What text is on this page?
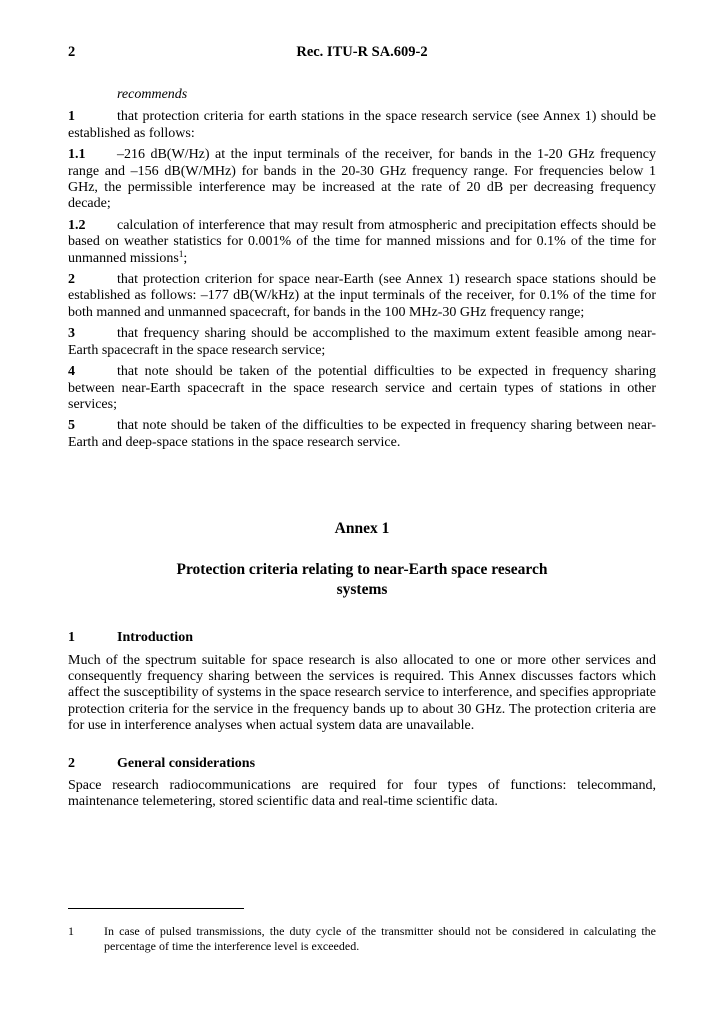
2	Rec. ITU-R SA.609-2

recommends

1	that protection criteria for earth stations in the space research service (see Annex 1) should be established as follows:

1.1 –216 dB(W/Hz) at the input terminals of the receiver, for bands in the 1-20 GHz frequency range and –156 dB(W/MHz) for bands in the 20-30 GHz frequency range. For frequencies below 1 GHz, the permissible interference may be increased at the rate of 20 dB per decreasing frequency decade;

1.2 calculation of interference that may result from atmospheric and precipitation effects should be based on weather statistics for 0.001% of the time for manned missions and for 0.1% of the time for unmanned missions$^1$;

2	that protection criterion for space near-Earth (see Annex 1) research space stations should be established as follows: –177 dB(W/kHz) at the input terminals of the receiver, for 0.1% of the time for both manned and unmanned spacecraft, for bands in the 100 MHz-30 GHz frequency range;

3	that frequency sharing should be accomplished to the maximum extent feasible among near-Earth spacecraft in the space research service;

4	that note should be taken of the potential difficulties to be expected in frequency sharing between near-Earth spacecraft in the space research service and certain types of stations in other services;

5	that note should be taken of the difficulties to be expected in frequency sharing between near-Earth and deep-space stations in the space research service.

Annex 1
Protection criteria relating to near-Earth space research systems
1	Introduction

Much of the spectrum suitable for space research is also allocated to one or more other services and consequently frequency sharing between the services is required. This Annex discusses factors which affect the susceptibility of systems in the space research service to interference, and specifies appropriate protection criteria for the service in the frequency bands up to about 30 GHz. The protection criteria are for use in interference analyses when actual system data are unavailable.

2	General considerations

Space research radiocommunications are required for four types of functions: telecommand, maintenance telemetering, stored scientific data and real-time scientific data.

1	In case of pulsed transmissions, the duty cycle of the transmitter should not be considered in calculating the percentage of time the interference level is exceeded.
